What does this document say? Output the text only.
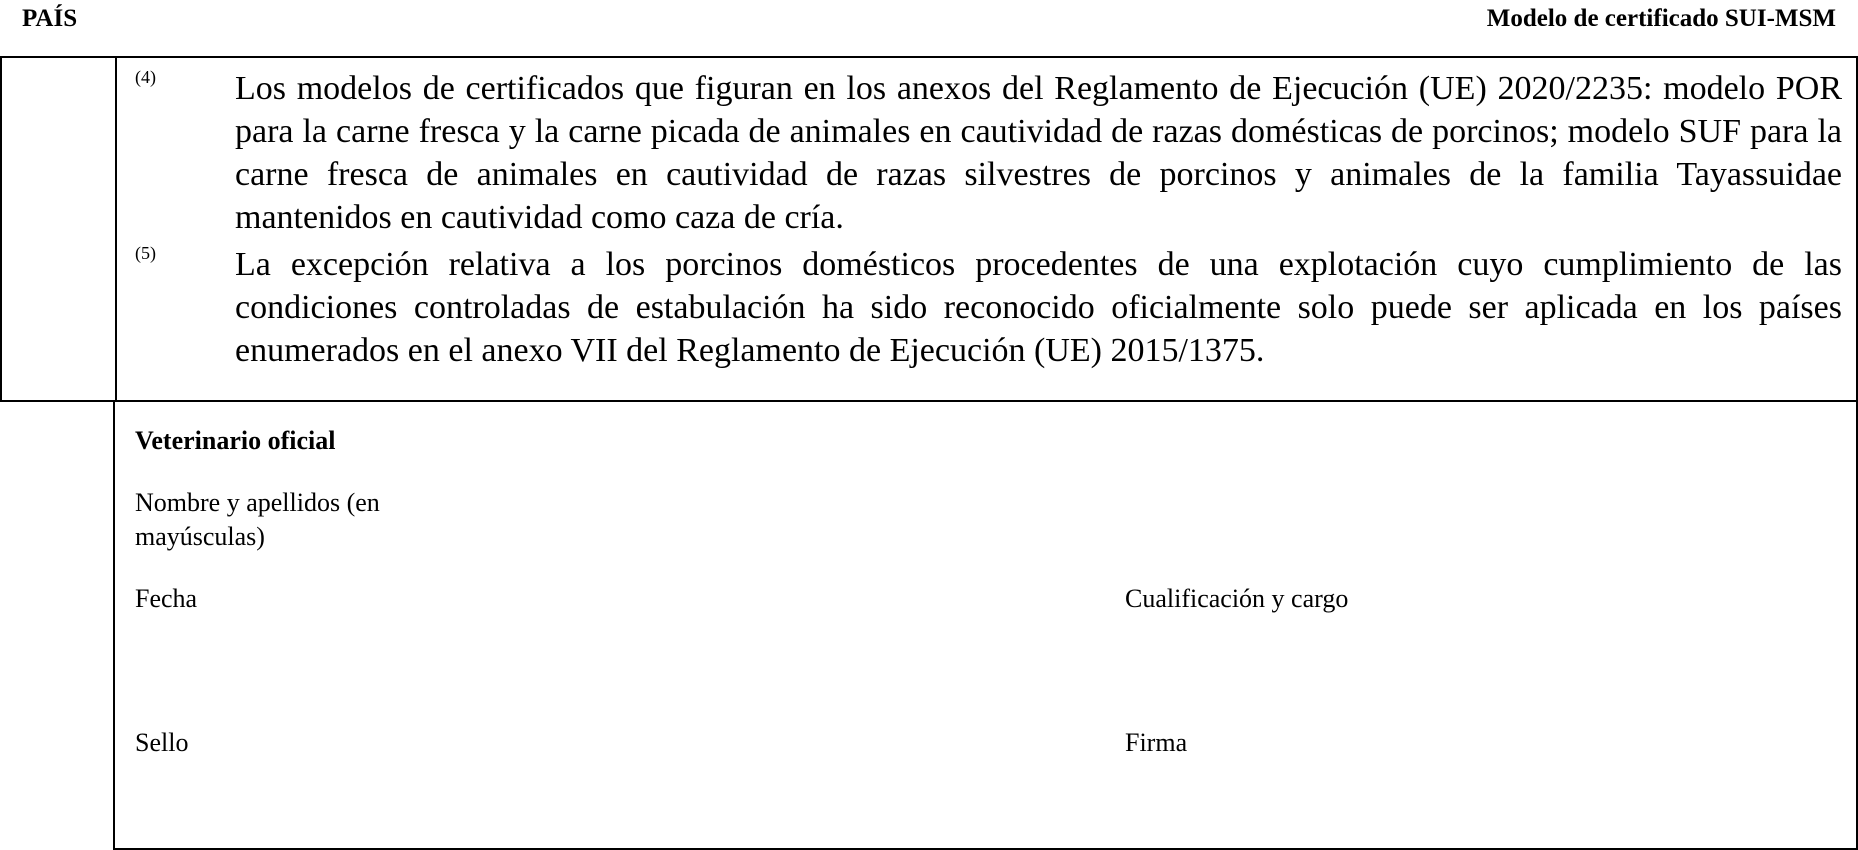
PAÍS	Modelo de certificado SUI-MSM
(4) Los modelos de certificados que figuran en los anexos del Reglamento de Ejecución (UE) 2020/2235: modelo POR para la carne fresca y la carne picada de animales en cautividad de razas domésticas de porcinos; modelo SUF para la carne fresca de animales en cautividad de razas silvestres de porcinos y animales de la familia Tayassuidae mantenidos en cautividad como caza de cría.
(5) La excepción relativa a los porcinos domésticos procedentes de una explotación cuyo cumplimiento de las condiciones controladas de estabulación ha sido reconocido oficialmente solo puede ser aplicada en los países enumerados en el anexo VII del Reglamento de Ejecución (UE) 2015/1375.
Veterinario oficial
Nombre y apellidos (en mayúsculas)
Fecha	Cualificación y cargo
Sello	Firma
